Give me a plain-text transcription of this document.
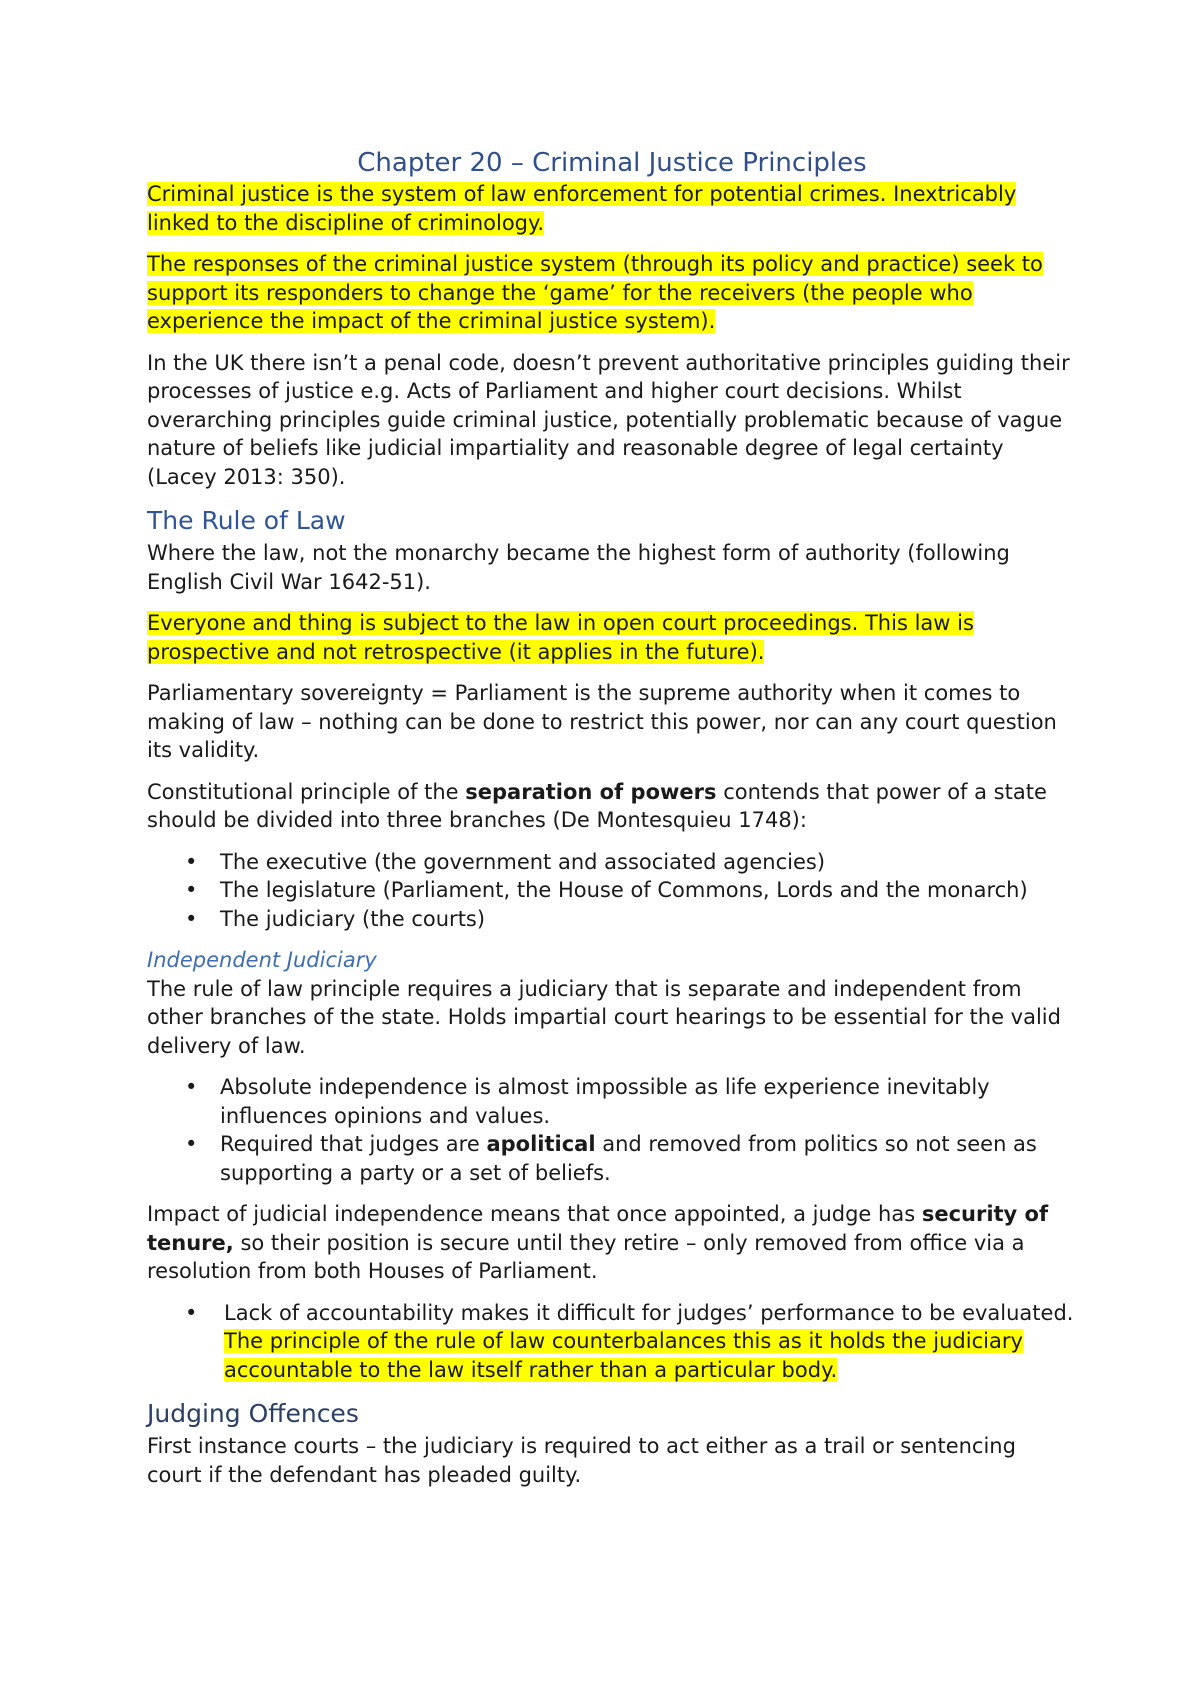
Chapter 20 – Criminal Justice Principles

Criminal justice is the system of law enforcement for potential crimes. Inextricably linked to the discipline of criminology.

The responses of the criminal justice system (through its policy and practice) seek to support its responders to change the ‘game’ for the receivers (the people who experience the impact of the criminal justice system).

In the UK there isn’t a penal code, doesn’t prevent authoritative principles guiding their processes of justice e.g. Acts of Parliament and higher court decisions. Whilst overarching principles guide criminal justice, potentially problematic because of vague nature of beliefs like judicial impartiality and reasonable degree of legal certainty (Lacey 2013: 350).

The Rule of Law

Where the law, not the monarchy became the highest form of authority (following English Civil War 1642-51).

Everyone and thing is subject to the law in open court proceedings. This law is prospective and not retrospective (it applies in the future).

Parliamentary sovereignty = Parliament is the supreme authority when it comes to making of law – nothing can be done to restrict this power, nor can any court question its validity.

Constitutional principle of the separation of powers contends that power of a state should be divided into three branches (De Montesquieu 1748):

• The executive (the government and associated agencies)
• The legislature (Parliament, the House of Commons, Lords and the monarch)
• The judiciary (the courts)
Independent Judiciary

The rule of law principle requires a judiciary that is separate and independent from other branches of the state. Holds impartial court hearings to be essential for the valid delivery of law.

• Absolute independence is almost impossible as life experience inevitably influences opinions and values.
• Required that judges are apolitical and removed from politics so not seen as supporting a party or a set of beliefs.

Impact of judicial independence means that once appointed, a judge has security of tenure, so their position is secure until they retire – only removed from office via a resolution from both Houses of Parliament.

• Lack of accountability makes it difficult for judges’ performance to be evaluated. The principle of the rule of law counterbalances this as it holds the judiciary accountable to the law itself rather than a particular body.
Judging Offences

First instance courts – the judiciary is required to act either as a trail or sentencing court if the defendant has pleaded guilty.
